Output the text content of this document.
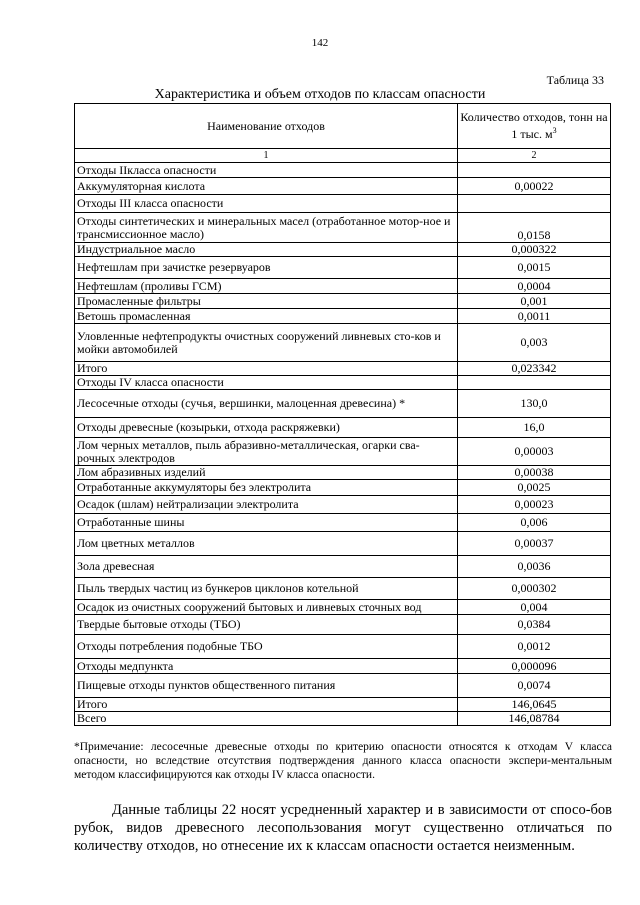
142
Таблица 33
Характеристика и объем отходов по классам опасности
Наименование отходов	Количество отходов, тонн на 1 тыс. $м^3$
1	2
Отходы IIкласса опасности	
Аккумуляторная кислота	0,00022
Отходы III класса опасности	
Отходы синтетических и минеральных масел (отработанное мотор-ное и трансмиссионное масло)	0,0158
Индустриальное масло	0,000322
Нефтешлам при зачистке резервуаров	0,0015
Нефтешлам (проливы ГСМ)	0,0004
Промасленные фильтры	0,001
Ветошь промасленная	0,0011
Уловленные нефтепродукты очистных сооружений ливневых сто-ков и мойки автомобилей	0,003
Итого	0,023342
Отходы IV класса опасности	
Лесосечные отходы (сучья, вершинки, малоценная древесина) *	130,0
Отходы древесные (козырьки, отхода раскряжевки)	16,0
Лом черных металлов, пыль абразивно-металлическая, огарки сва-рочных электродов	0,00003
Лом абразивных изделий	0,00038
Отработанные аккумуляторы без электролита	0,0025
Осадок (шлам) нейтрализации электролита	0,00023
Отработанные шины	0,006
Лом цветных металлов	0,00037
Зола древесная	0,0036
Пыль твердых частиц из бункеров циклонов котельной	0,000302
Осадок из очистных сооружений бытовых и ливневых сточных вод	0,004
Твердые бытовые отходы (ТБО)	0,0384
Отходы потребления подобные ТБО	0,0012
Отходы медпункта	0,000096
Пищевые отходы пунктов общественного питания	0,0074
Итого	146,0645
Всего	146,08784
*Примечание: лесосечные древесные отходы по критерию опасности относятся к отходам V класса опасности, но вследствие отсутствия подтверждения данного класса опасности экспери-ментальным методом классифицируются как отходы IV класса опасности.
Данные таблицы 22 носят усредненный характер и в зависимости от спосо-бов рубок, видов древесного лесопользования могут существенно отличаться по количеству отходов, но отнесение их к классам опасности остается неизменным.
